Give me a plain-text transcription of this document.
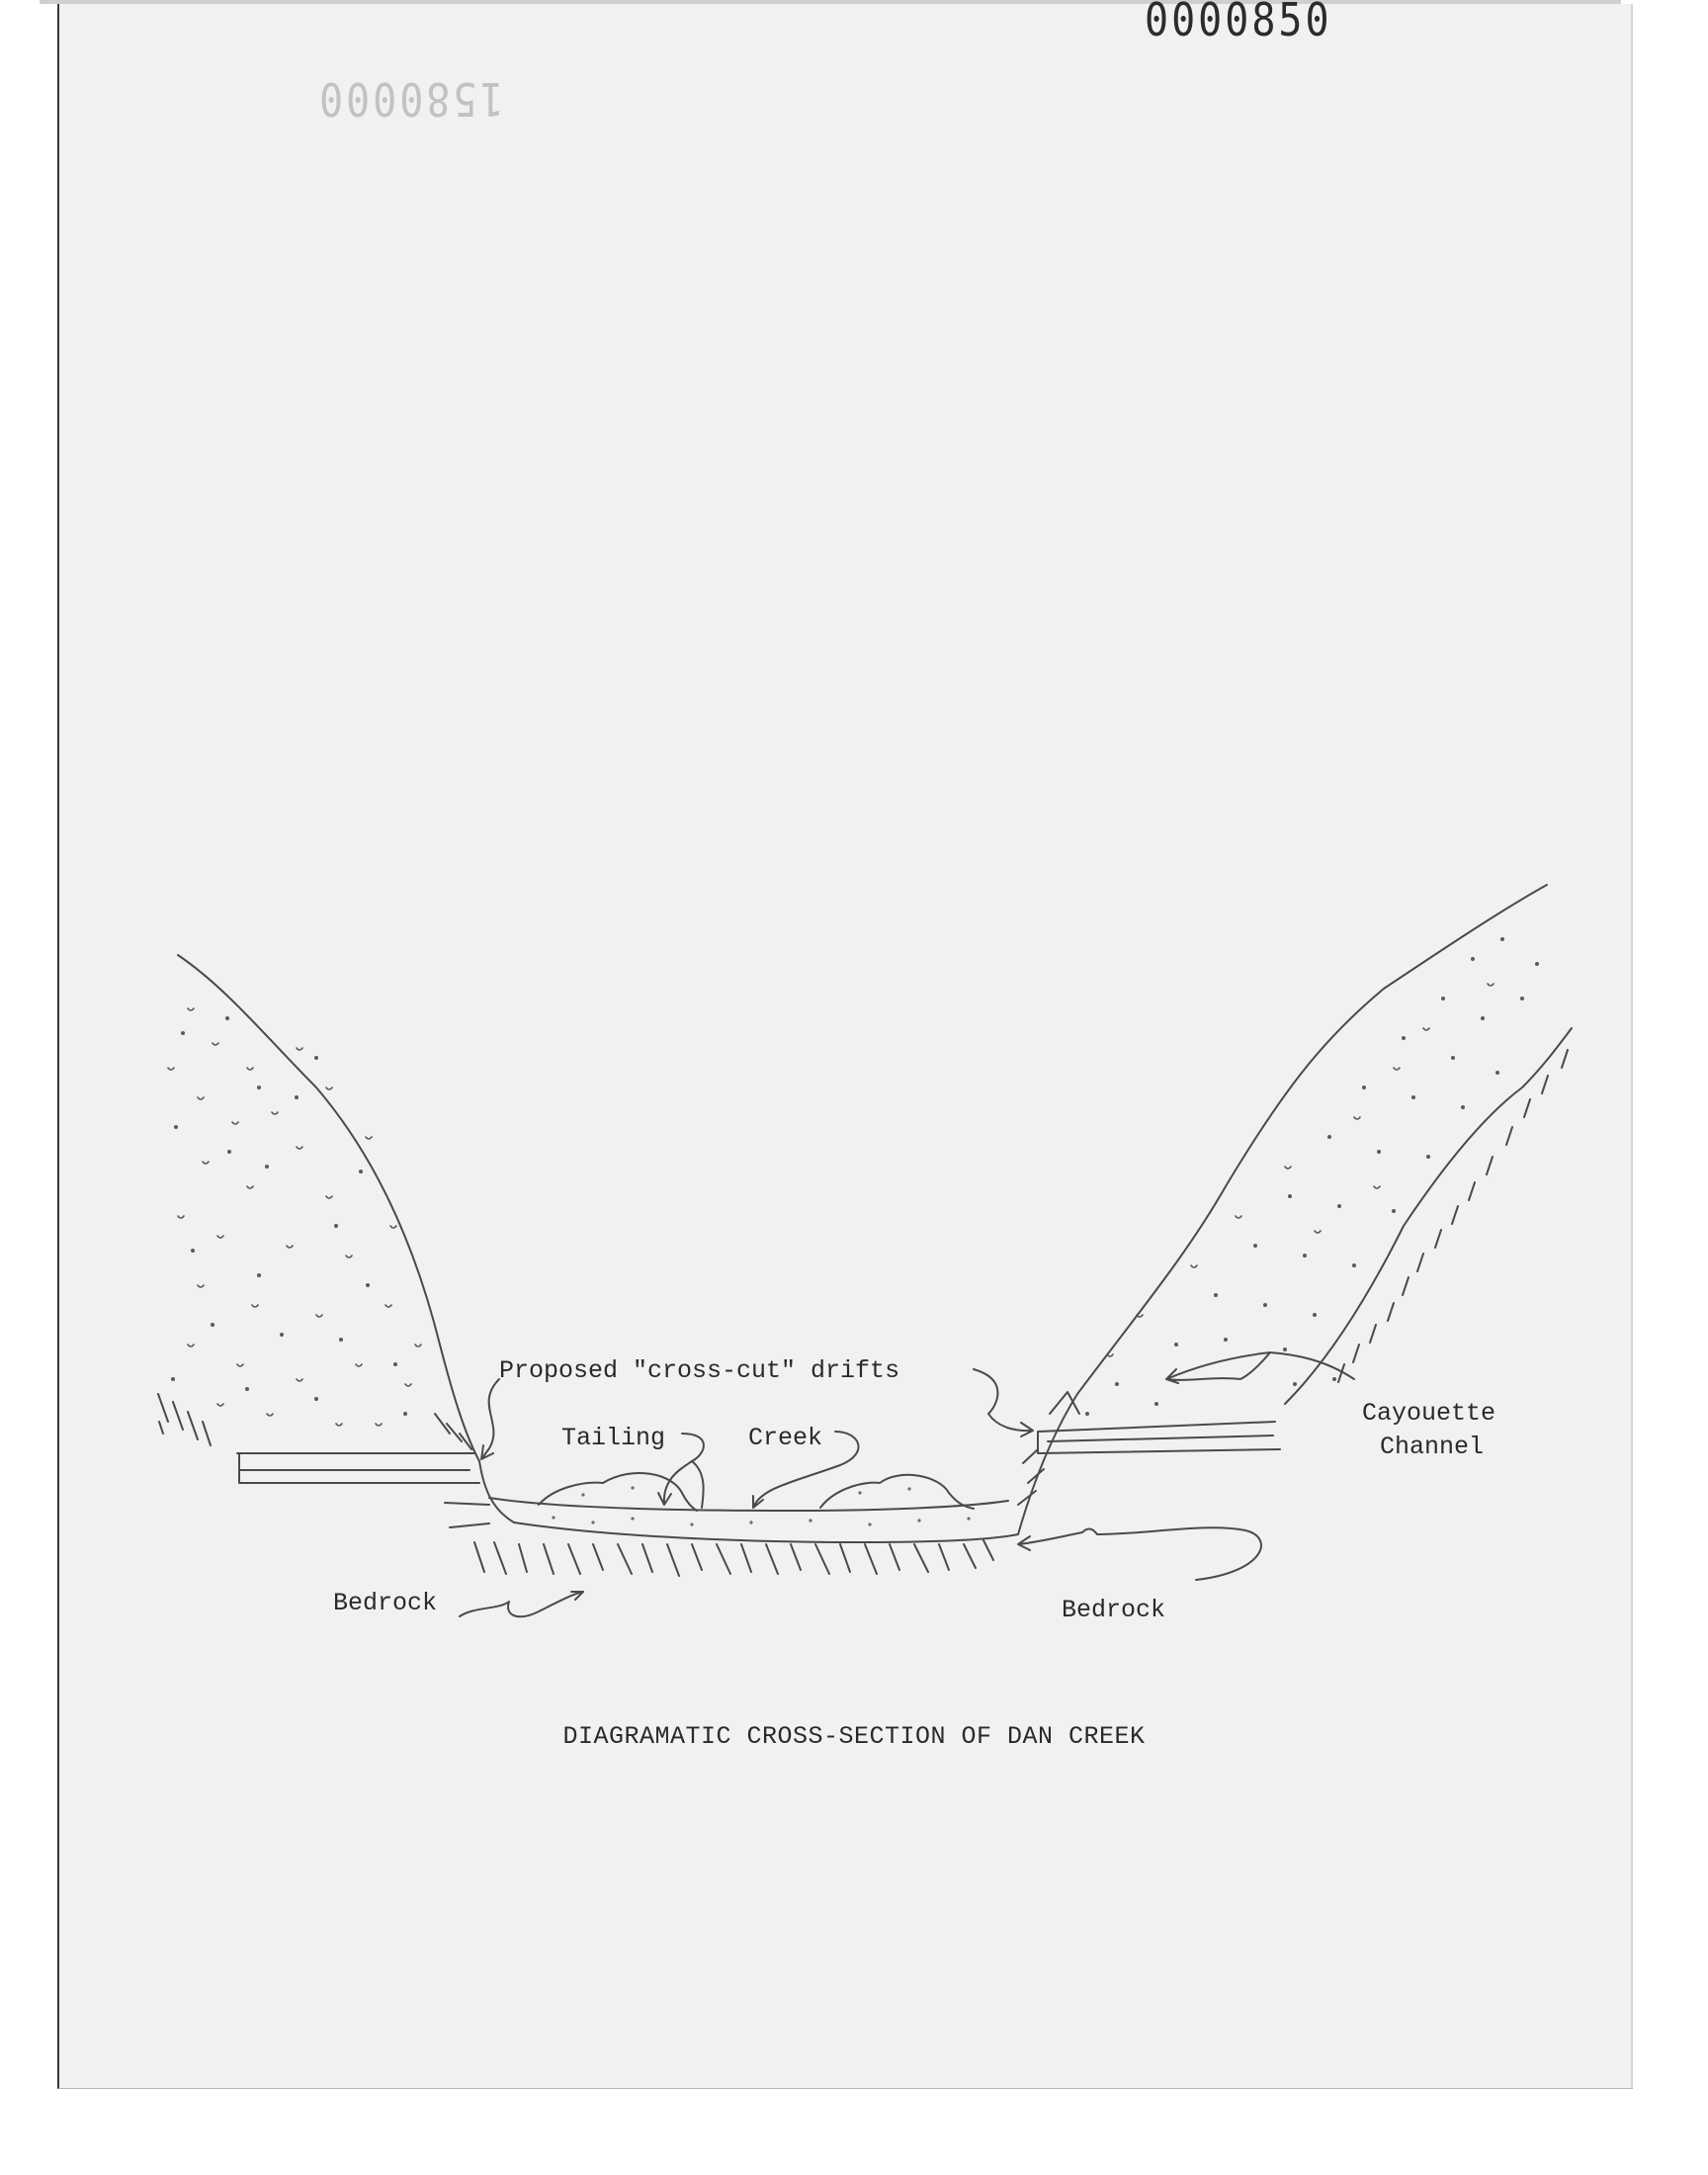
0000850
1580000
Proposed "cross-cut" drifts
Tailing	Creek
Cayouette
Channel
Bedrock	Bedrock
DIAGRAMATIC CROSS-SECTION OF DAN CREEK
